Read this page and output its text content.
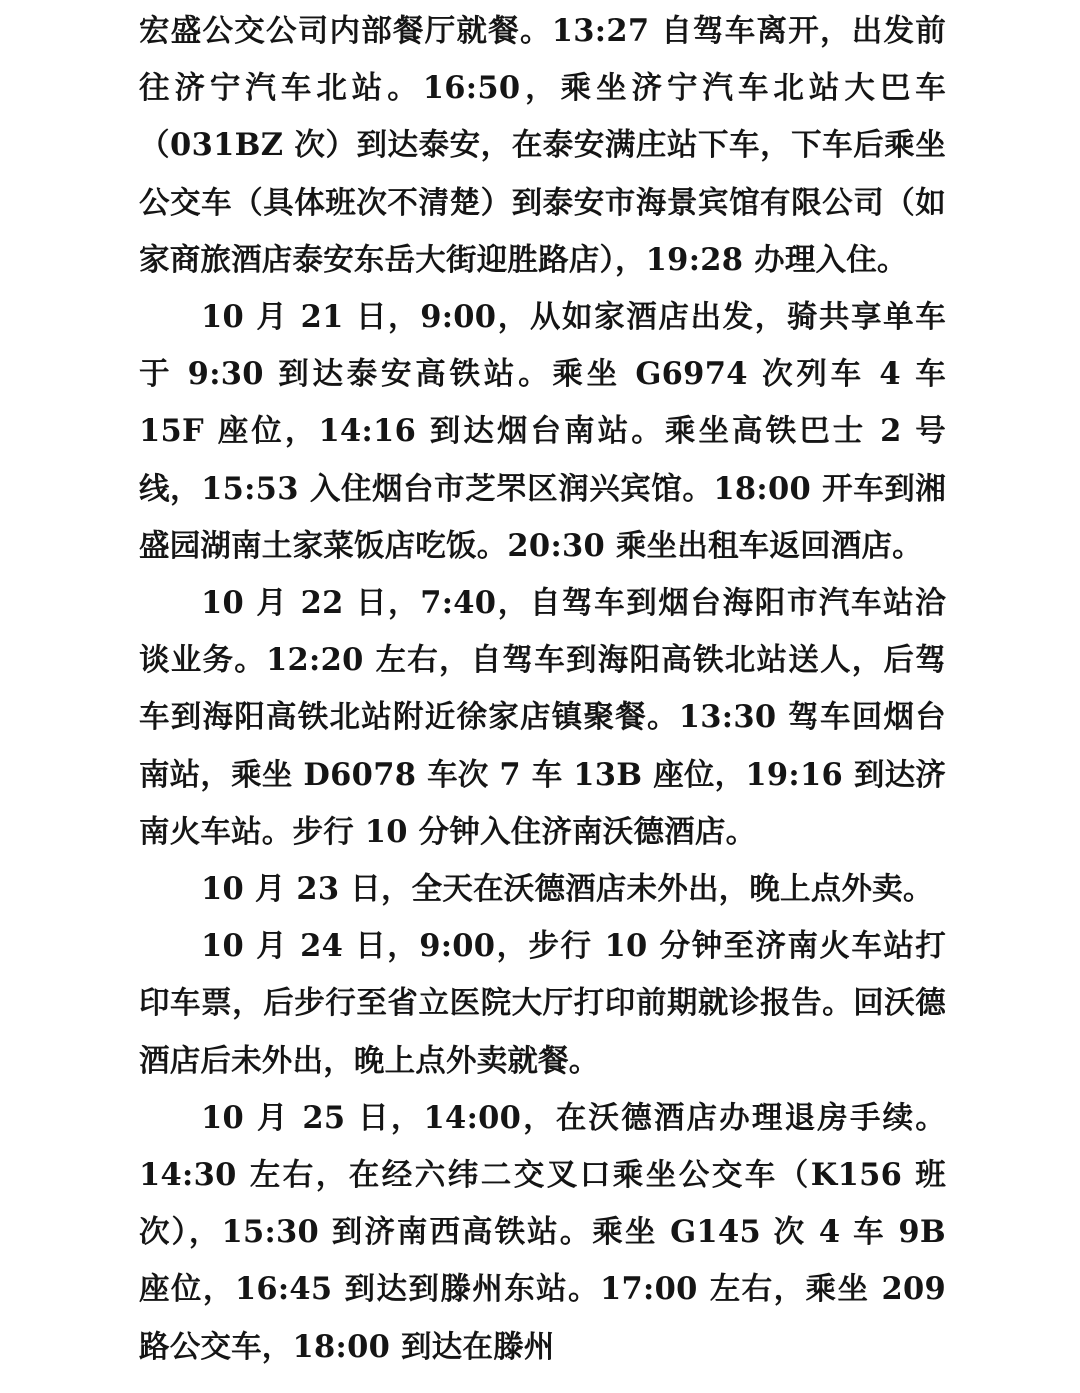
宏盛公交公司内部餐厅就餐。13:27 自驾车离开，出发前往济宁汽车北站。16:50，乘坐济宁汽车北站大巴车（031BZ 次）到达泰安，在泰安满庄站下车，下车后乘坐公交车（具体班次不清楚）到泰安市海景宾馆有限公司（如家商旅酒店泰安东岳大街迎胜路店），19:28 办理入住。

10 月 21 日，9:00，从如家酒店出发，骑共享单车于 9:30 到达泰安高铁站。乘坐 G6974 次列车 4 车 15F 座位，14:16 到达烟台南站。乘坐高铁巴士 2 号线，15:53 入住烟台市芝罘区润兴宾馆。18:00 开车到湘盛园湖南土家菜饭店吃饭。20:30 乘坐出租车返回酒店。

10 月 22 日，7:40，自驾车到烟台海阳市汽车站洽谈业务。12:20 左右，自驾车到海阳高铁北站送人，后驾车到海阳高铁北站附近徐家店镇聚餐。13:30 驾车回烟台南站，乘坐 D6078 车次 7 车 13B 座位，19:16 到达济南火车站。步行 10 分钟入住济南沃德酒店。

10 月 23 日，全天在沃德酒店未外出，晚上点外卖。

10 月 24 日，9:00，步行 10 分钟至济南火车站打印车票，后步行至省立医院大厅打印前期就诊报告。回沃德酒店后未外出，晚上点外卖就餐。

10 月 25 日，14:00，在沃德酒店办理退房手续。14:30 左右，在经六纬二交叉口乘坐公交车（K156 班次），15:30 到济南西高铁站。乘坐 G145 次 4 车 9B 座位，16:45 到达到滕州东站。17:00 左右，乘坐 209 路公交车，18:00 到达在滕州
